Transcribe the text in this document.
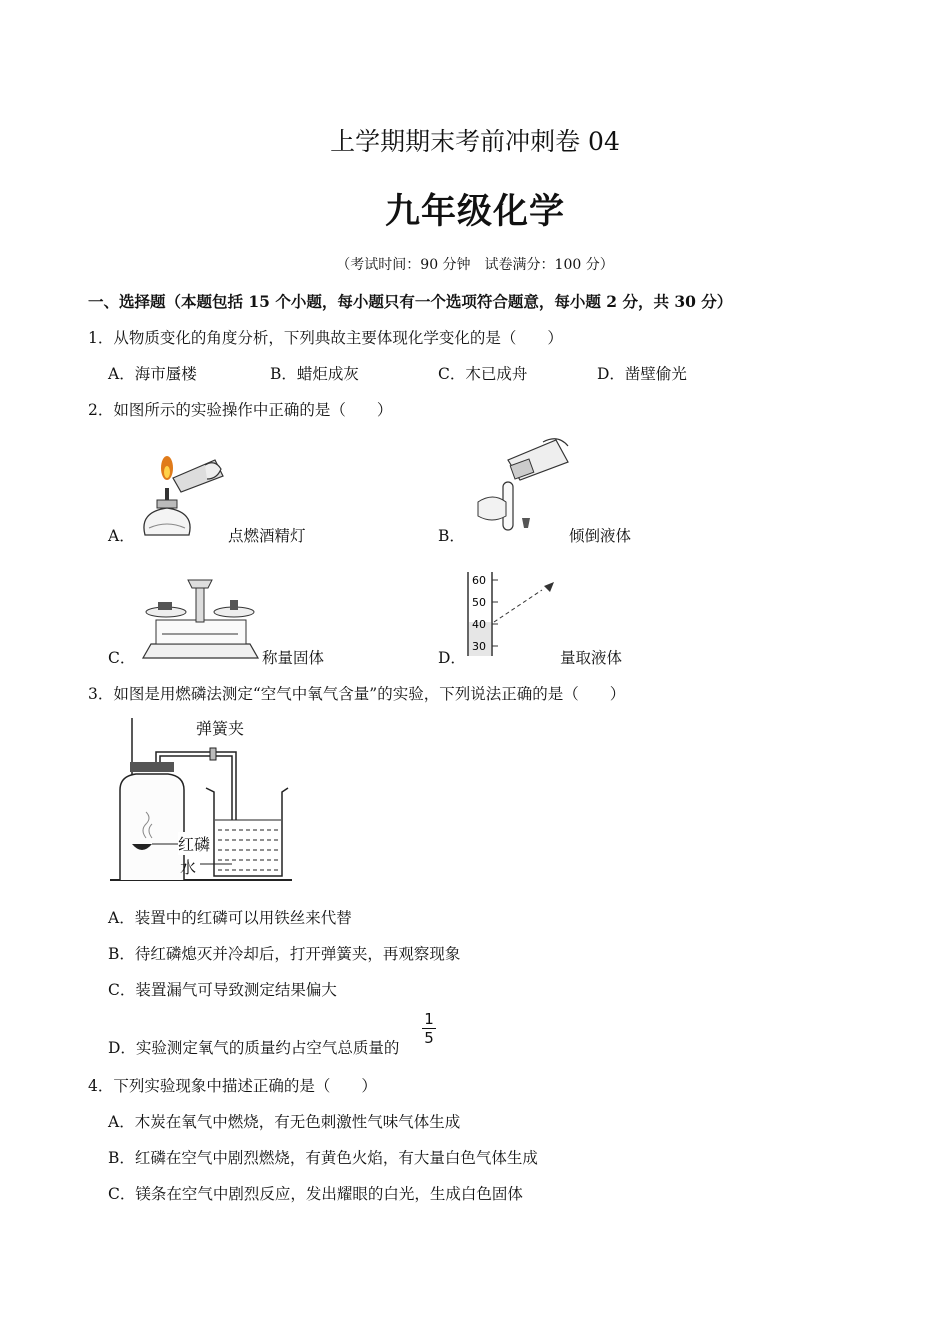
上学期期末考前冲刺卷 04
九年级化学
（考试时间：90 分钟　试卷满分：100 分）
一、选择题（本题包括 15 个小题，每小题只有一个选项符合题意，每小题 2 分，共 30 分）
1．从物质变化的角度分析，下列典故主要体现化学变化的是（　　）
A．海市蜃楼	B．蜡炬成灰	C．木已成舟	D．凿壁偷光
2．如图所示的实验操作中正确的是（　　）
A．	点燃酒精灯	B．	倾倒液体
C．	称量固体
60
50
40
30
D．	量取液体
3．如图是用燃磷法测定“空气中氧气含量”的实验，下列说法正确的是（　　）
弹簧夹
红磷
水
A．装置中的红磷可以用铁丝来代替
B．待红磷熄灭并冷却后，打开弹簧夹，再观察现象
C．装置漏气可导致测定结果偏大
D．实验测定氧气的质量约占空气总质量的
1
5
4．下列实验现象中描述正确的是（　　）
A．木炭在氧气中燃烧，有无色刺激性气味气体生成
B．红磷在空气中剧烈燃烧，有黄色火焰，有大量白色气体生成
C．镁条在空气中剧烈反应，发出耀眼的白光，生成白色固体
